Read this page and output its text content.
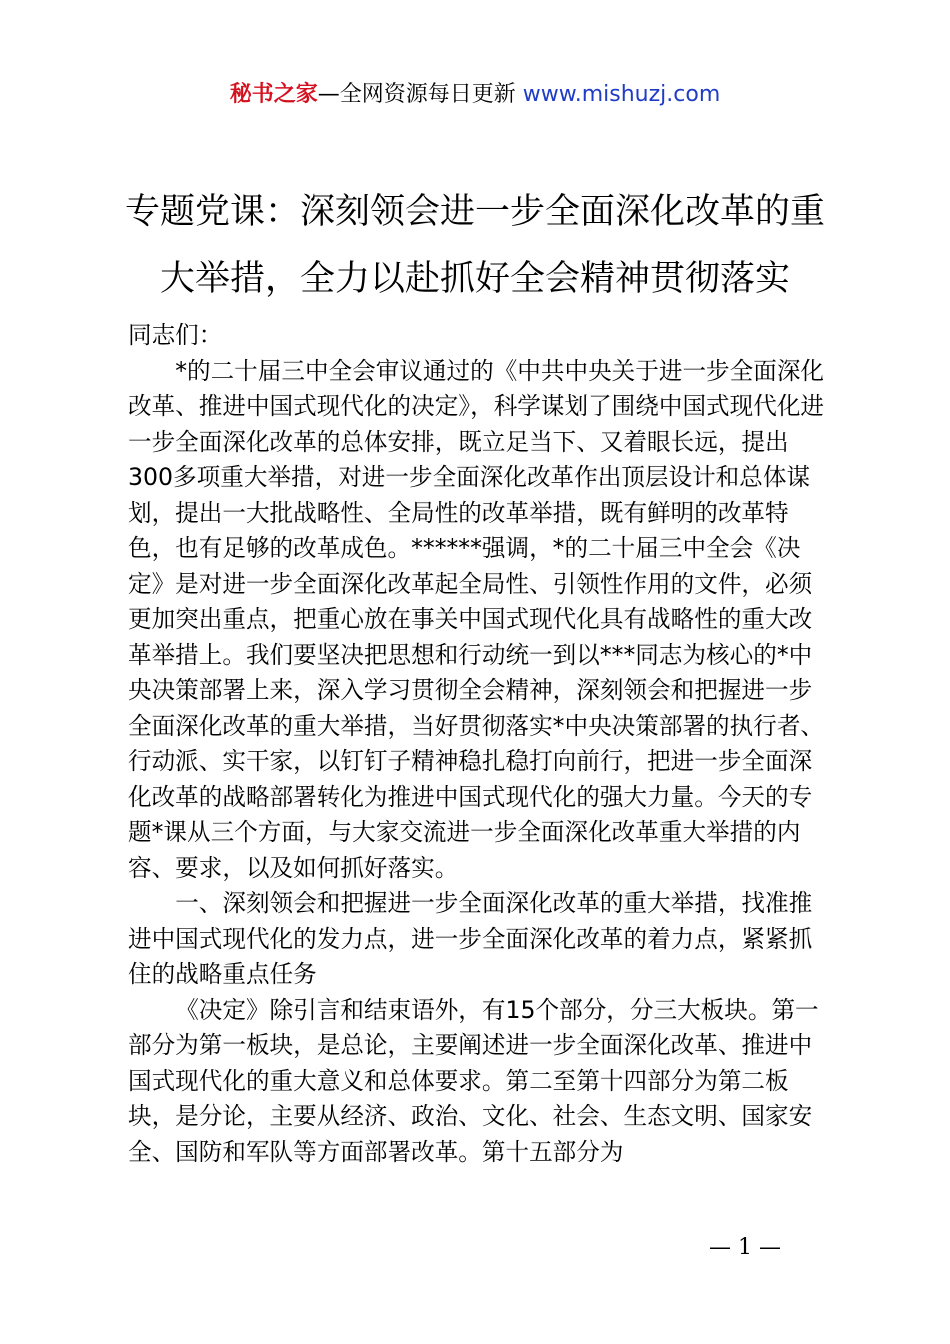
秘书之家—全网资源每日更新 www.mishuzj.com
专题党课：深刻领会进一步全面深化改革的重
大举措，全力以赴抓好全会精神贯彻落实

同志们：

*的二十届三中全会审议通过的《中共中央关于进一步全面深化改革、推进中国式现代化的决定》，科学谋划了围绕中国式现代化进一步全面深化改革的总体安排，既立足当下、又着眼长远，提出300多项重大举措，对进一步全面深化改革作出顶层设计和总体谋划，提出一大批战略性、全局性的改革举措，既有鲜明的改革特色，也有足够的改革成色。******强调，*的二十届三中全会《决定》是对进一步全面深化改革起全局性、引领性作用的文件，必须更加突出重点，把重心放在事关中国式现代化具有战略性的重大改革举措上。我们要坚决把思想和行动统一到以***同志为核心的*中央决策部署上来，深入学习贯彻全会精神，深刻领会和把握进一步全面深化改革的重大举措，当好贯彻落实*中央决策部署的执行者、行动派、实干家，以钉钉子精神稳扎稳打向前行，把进一步全面深化改革的战略部署转化为推进中国式现代化的强大力量。今天的专题*课从三个方面，与大家交流进一步全面深化改革重大举措的内容、要求，以及如何抓好落实。

一、深刻领会和把握进一步全面深化改革的重大举措，找准推进中国式现代化的发力点，进一步全面深化改革的着力点，紧紧抓住的战略重点任务

《决定》除引言和结束语外，有15个部分，分三大板块。第一部分为第一板块，是总论，主要阐述进一步全面深化改革、推进中国式现代化的重大意义和总体要求。第二至第十四部分为第二板块，是分论，主要从经济、政治、文化、社会、生态文明、国家安全、国防和军队等方面部署改革。第十五部分为

— 1 —
